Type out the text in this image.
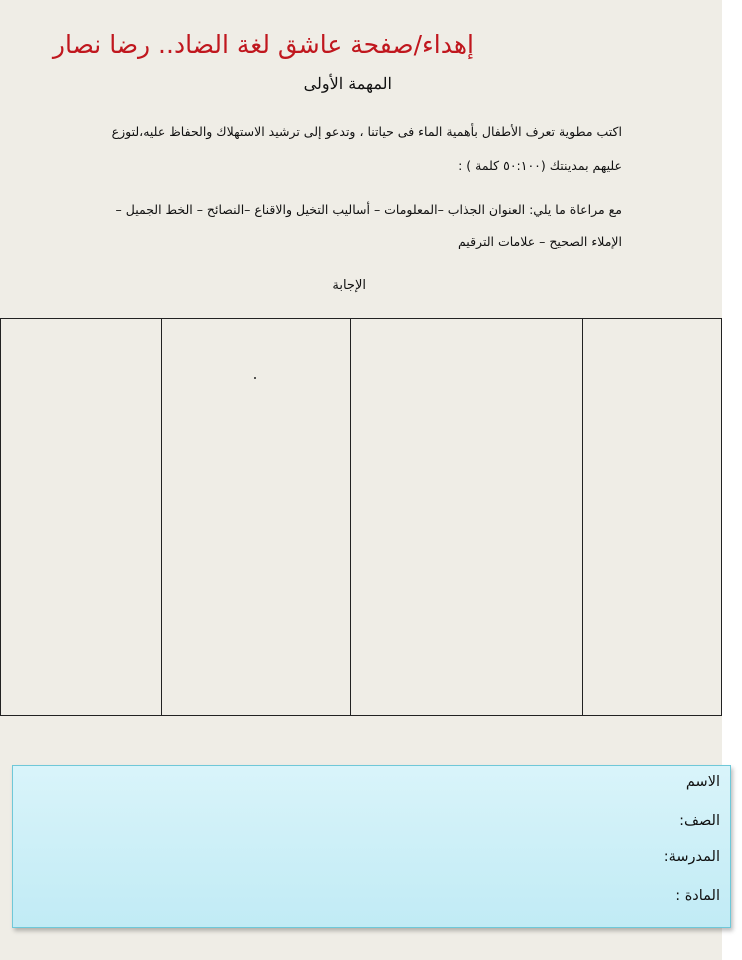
إهداء/صفحة عاشق لغة الضاد.. رضا نصار
المهمة الأولى
اكتب مطوية تعرف الأطفال بأهمية الماء فى حياتنا ، وتدعو إلى ترشيد الاستهلاك والحفاظ عليه،لتوزع
عليهم بمدينتك (٥٠:١٠٠ كلمة ) :
مع مراعاة ما يلي: العنوان الجذاب –المعلومات – أساليب التخيل والاقناع –النصائح – الخط الجميل –
الإملاء الصحيح – علامات الترقيم
الإجابة
الاسم
الصف:
المدرسة:
المادة :
